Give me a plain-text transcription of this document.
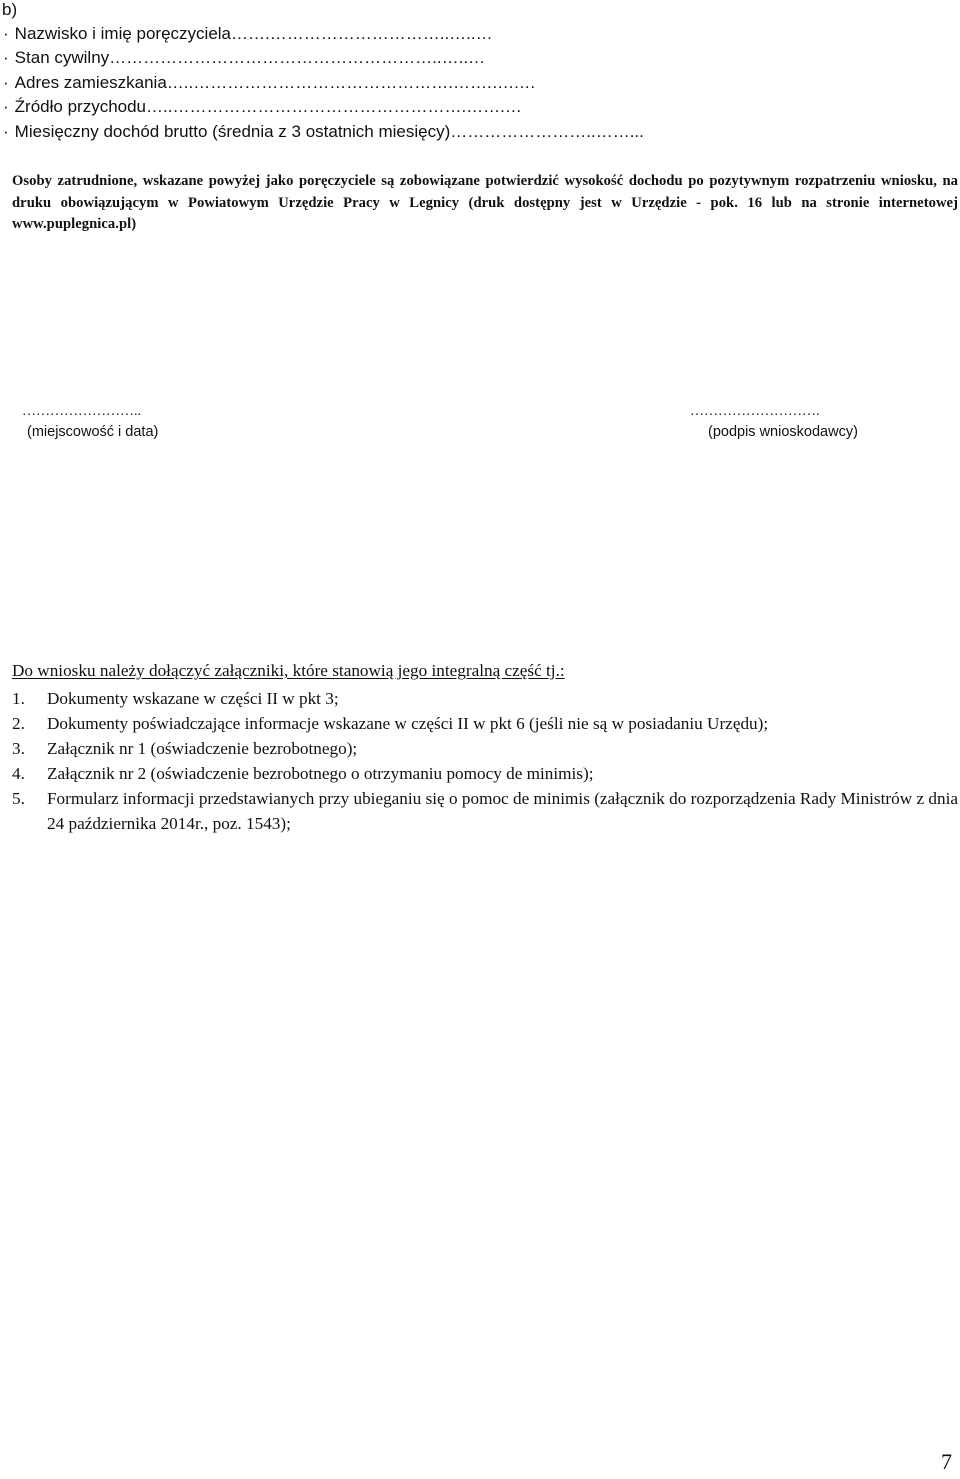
b)
· Nazwisko i imię poręczyciela…….…………………………..…..…
· Stan cywilny…………………………………………………..…..…
· Adres zamieszkania…..……………………………………….…….….….
· Źródło przychodu…..…………………………………………….…….…
· Miesięczny dochód brutto (średnia z 3 ostatnich miesięcy)……………………..……...
Osoby zatrudnione, wskazane powyżej jako poręczyciele są zobowiązane potwierdzić wysokość dochodu po pozytywnym rozpatrzeniu wniosku, na druku obowiązującym w Powiatowym Urzędzie Pracy w Legnicy (druk dostępny jest w Urzędzie - pok. 16 lub na stronie internetowej www.puplegnica.pl)
……………………..
(miejscowość i data)
……………………….
(podpis wnioskodawcy)
Do wniosku należy dołączyć załączniki, które stanowią jego integralną część tj.:
1.	Dokumenty wskazane w części II w pkt 3;
2.	Dokumenty poświadczające informacje wskazane w części II w pkt 6 (jeśli nie są w posiadaniu Urzędu);
3.	Załącznik nr 1 (oświadczenie bezrobotnego);
4.	Załącznik nr 2 (oświadczenie bezrobotnego o otrzymaniu pomocy de minimis);
5.	Formularz informacji przedstawianych przy ubieganiu się o pomoc de minimis (załącznik do rozporządzenia Rady Ministrów z dnia 24 października 2014r., poz. 1543);
7
